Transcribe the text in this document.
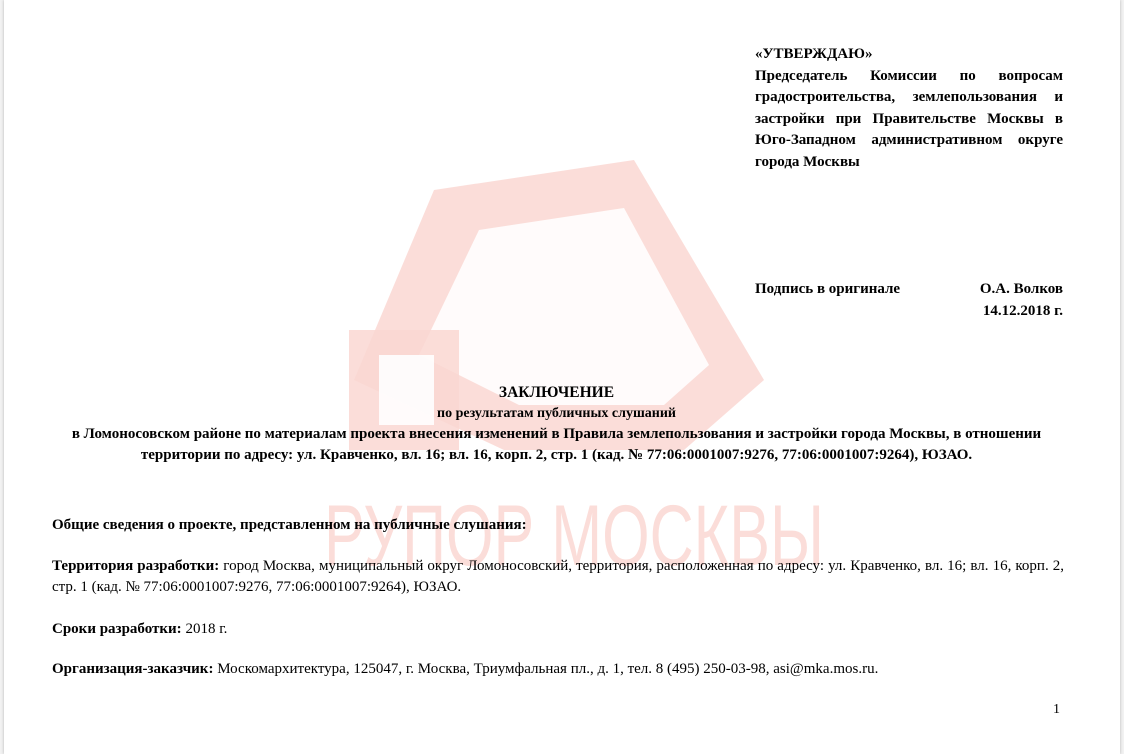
РУПОР МОСКВЫ
«УТВЕРЖДАЮ»
Председатель Комиссии по вопросам градостроительства, землепользования и застройки при Правительстве Москвы в Юго-Западном административном округе города Москвы
Подпись в оригинале	О.А. Волков
14.12.2018 г.
ЗАКЛЮЧЕНИЕ
по результатам публичных слушаний
в Ломоносовском районе по материалам проекта внесения изменений в Правила землепользования и застройки города Москвы, в отношении территории по адресу: ул. Кравченко, вл. 16; вл. 16, корп. 2, стр. 1 (кад. № 77:06:0001007:9276, 77:06:0001007:9264), ЮЗАО.
Общие сведения о проекте, представленном на публичные слушания:
Территория разработки: город Москва, муниципальный округ Ломоносовский, территория, расположенная по адресу: ул. Кравченко, вл. 16; вл. 16, корп. 2, стр. 1 (кад. № 77:06:0001007:9276, 77:06:0001007:9264), ЮЗАО.
Сроки разработки: 2018 г.
Организация-заказчик: Москомархитектура, 125047, г. Москва, Триумфальная пл., д. 1, тел. 8 (495) 250-03-98, asi@mka.mos.ru.
1
